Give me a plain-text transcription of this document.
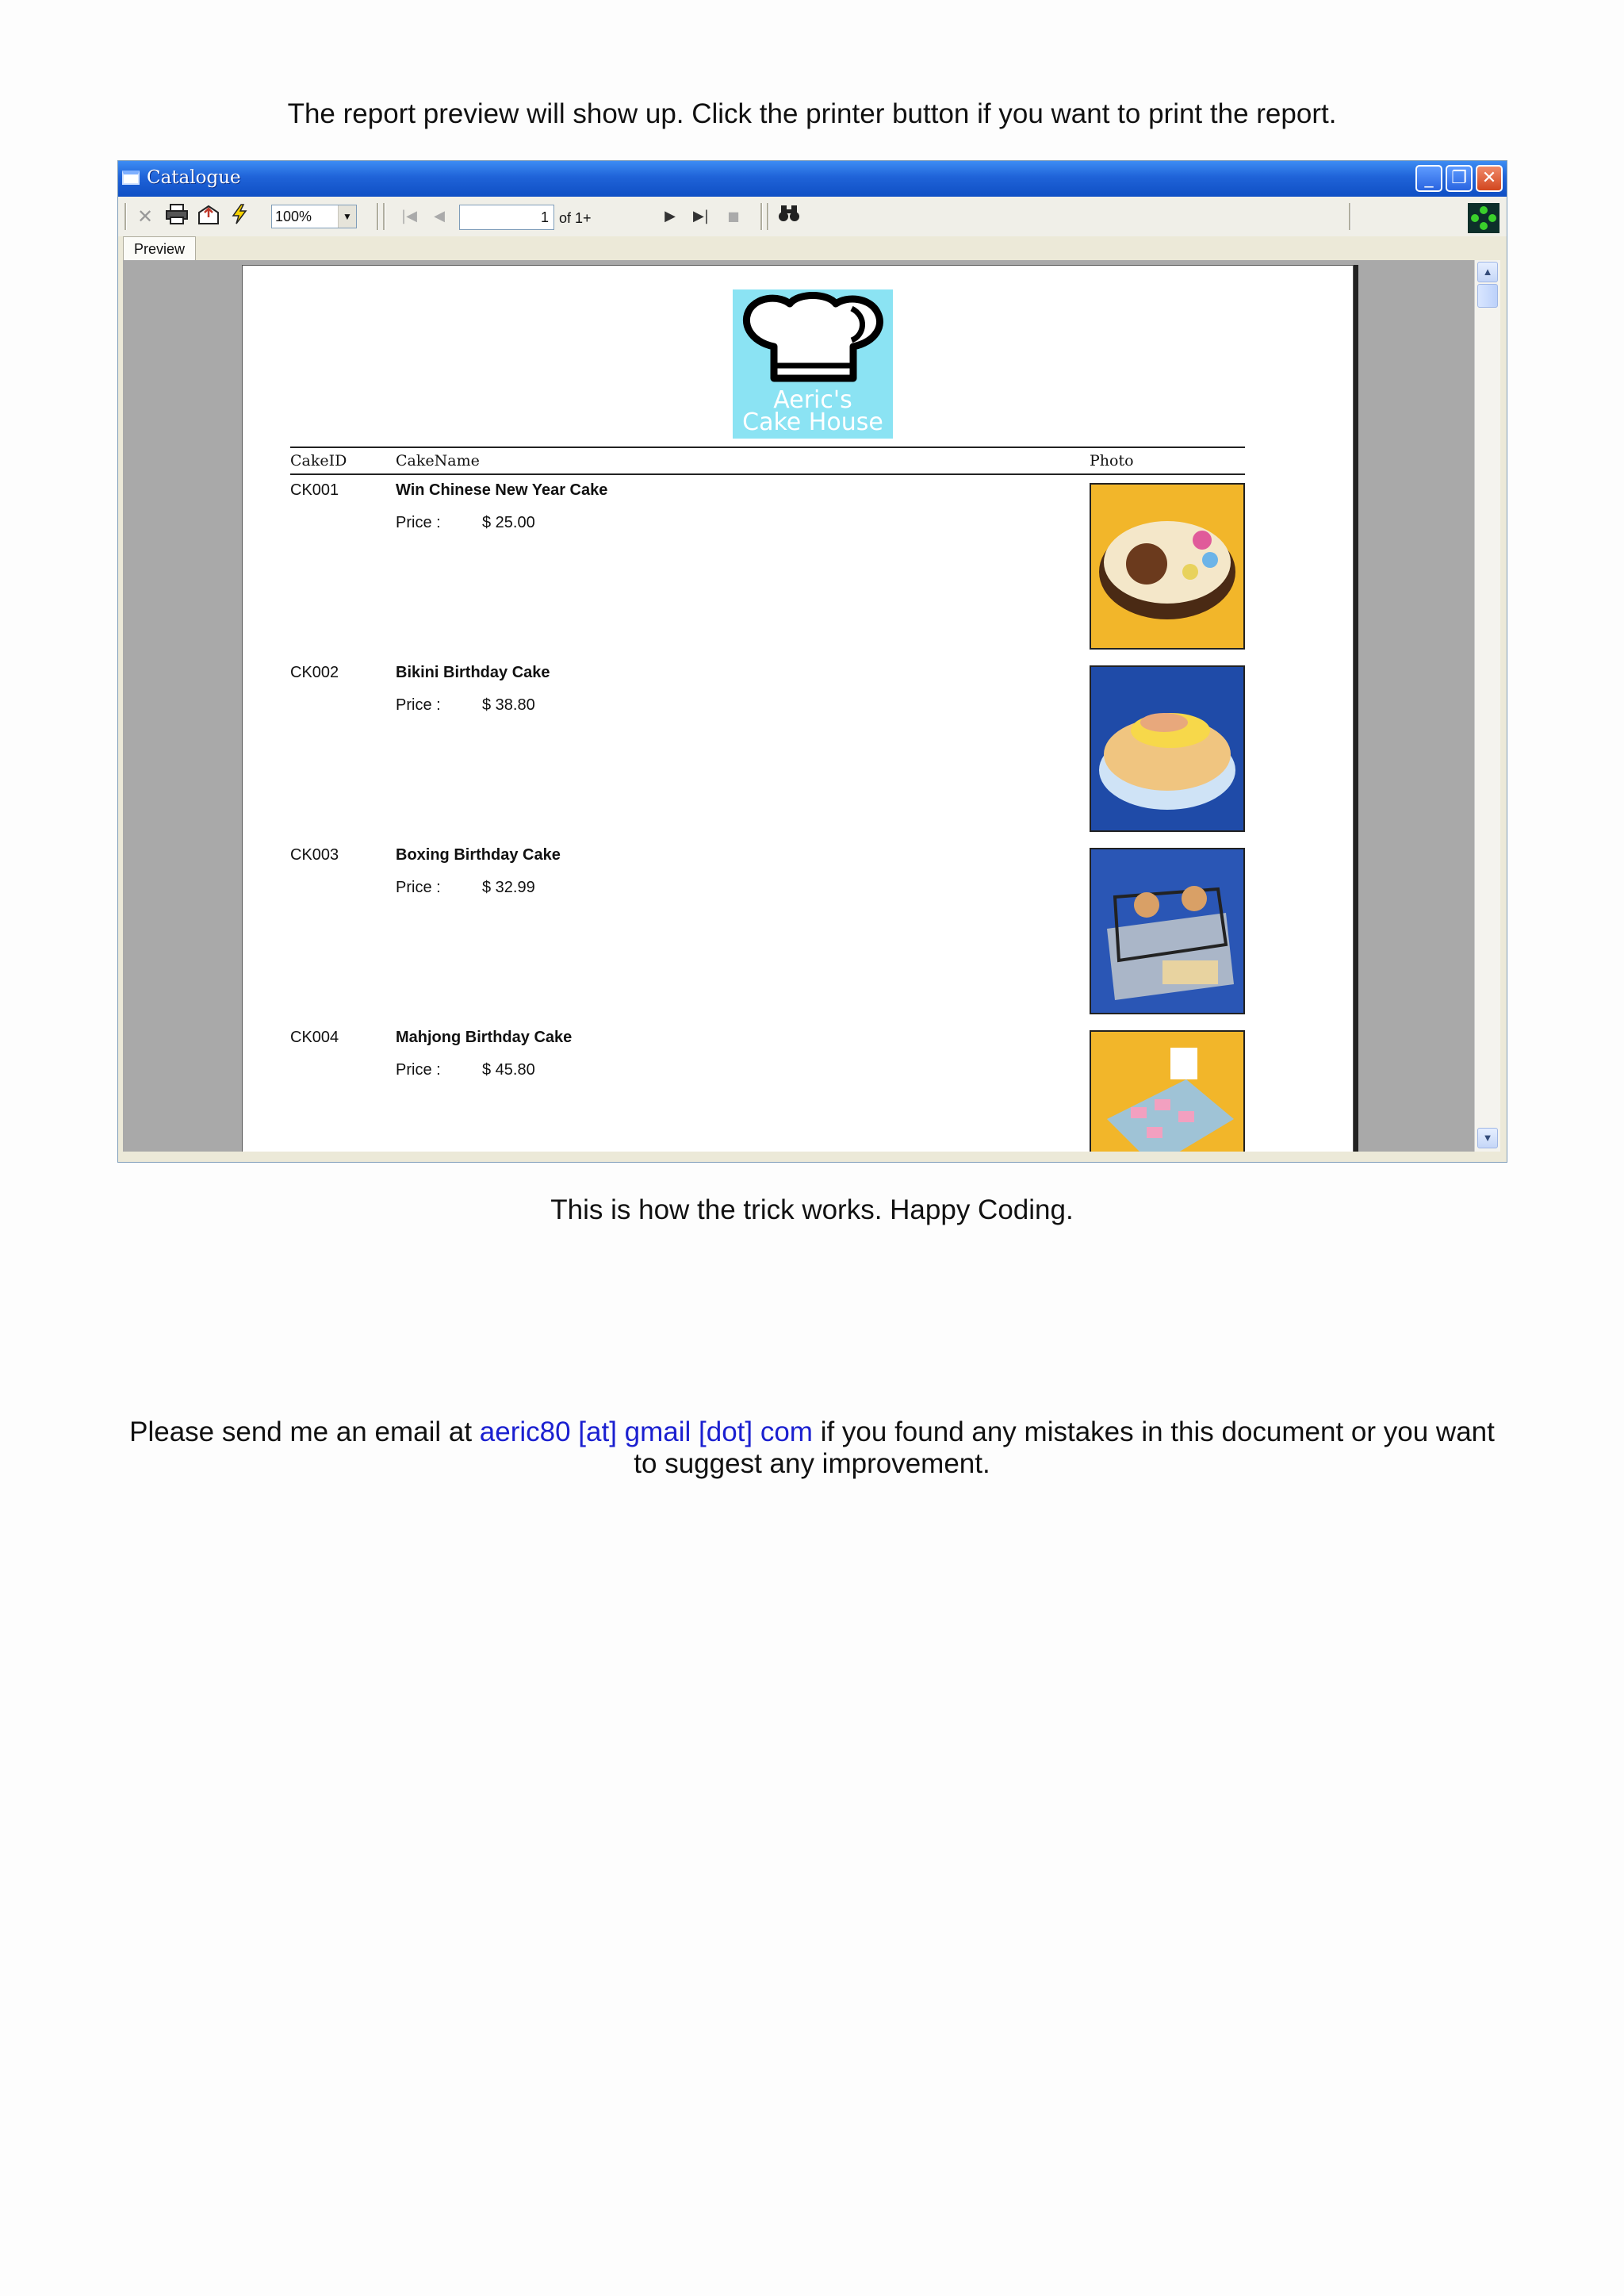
The report preview will show up. Click the printer button if you want to print the report.
Catalogue	_	❐ ✕
✕	100%	▼	|◀	◀	1 of 1+	▶ ▶| ■
Preview
Aeric's
Cake House
CakeID	CakeName	Photo
CK001	Win Chinese New Year Cake
Price :	$ 25.00
CK002	Bikini Birthday Cake
Price :	$ 38.80
CK003	Boxing Birthday Cake
Price :	$ 32.99
CK004	Mahjong Birthday Cake
Price :	$ 45.80
▲
▼
This is how the trick works. Happy Coding.
Please send me an email at aeric80 [at] gmail [dot] com if you found any mistakes in this document or you want to suggest any improvement.
